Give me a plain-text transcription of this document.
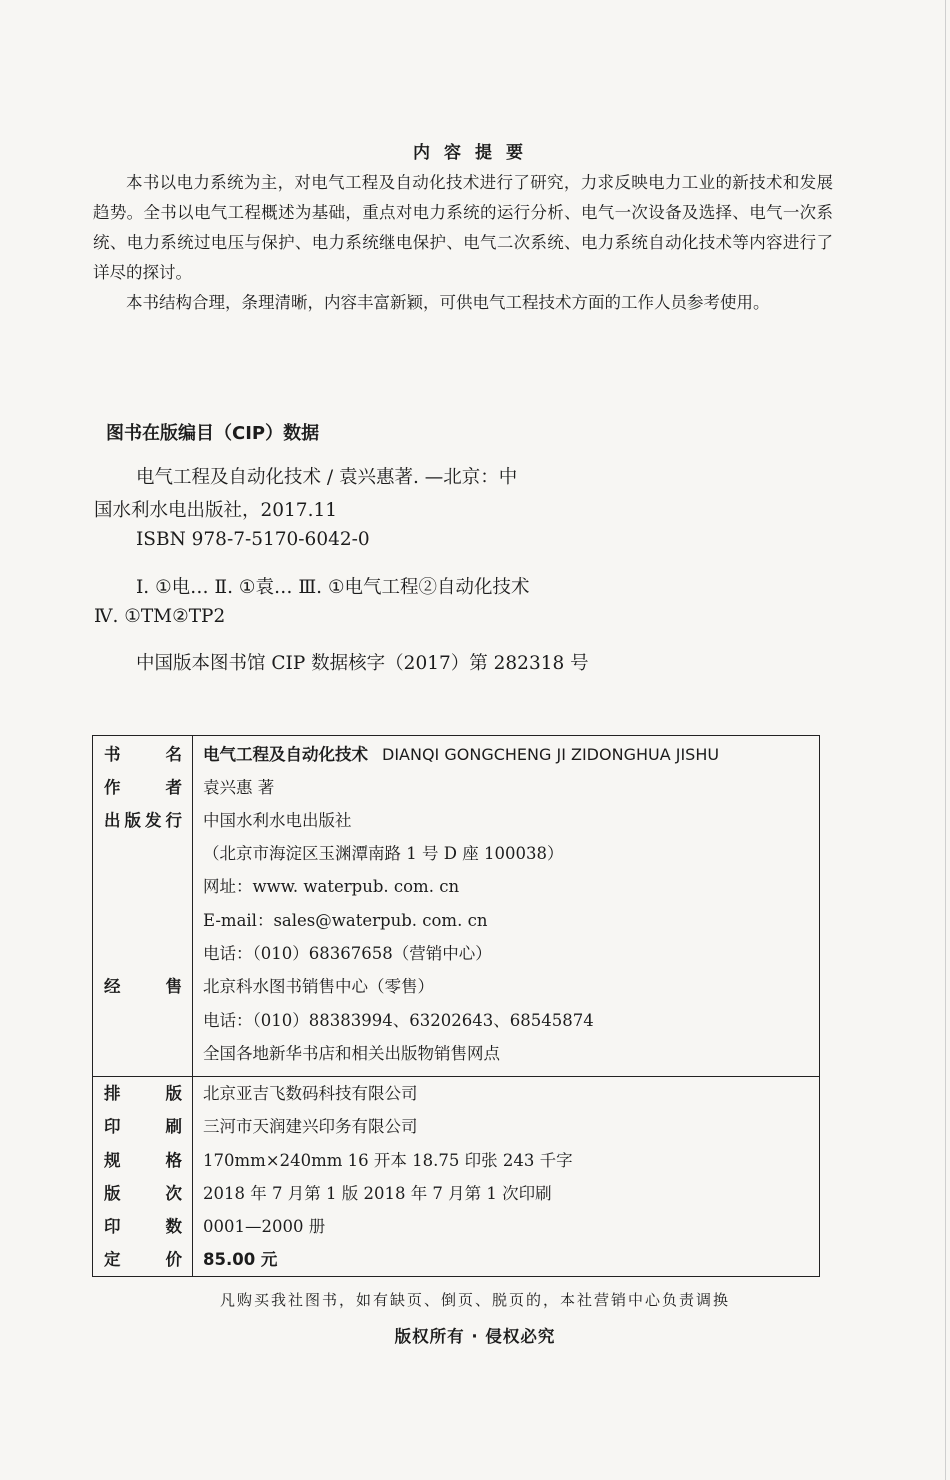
内容提要

本书以电力系统为主，对电气工程及自动化技术进行了研究，力求反映电力工业的新技术和发展趋势。全书以电气工程概述为基础，重点对电力系统的运行分析、电气一次设备及选择、电气一次系统、电力系统过电压与保护、电力系统继电保护、电气二次系统、电力系统自动化技术等内容进行了详尽的探讨。

本书结构合理，条理清晰，内容丰富新颖，可供电气工程技术方面的工作人员参考使用。

图书在版编目（CIP）数据
电气工程及自动化技术 / 袁兴惠著. —北京：中
国水利水电出版社，2017.11
ISBN 978-7-5170-6042-0
Ⅰ. ①电… Ⅱ. ①袁… Ⅲ. ①电气工程②自动化技术
Ⅳ. ①TM②TP2
中国版本图书馆 CIP 数据核字（2017）第 282318 号
书名 电气工程及自动化技术 DIANQI GONGCHENG JI ZIDONGHUA JISHU
作者 袁兴惠 著
出版发行 中国水利水电出版社
（北京市海淀区玉渊潭南路 1 号 D 座 100038）
网址：www. waterpub. com. cn
E-mail：sales@waterpub. com. cn
电话：（010）68367658（营销中心）
经售 北京科水图书销售中心（零售）
电话：（010）88383994、63202643、68545874
全国各地新华书店和相关出版物销售网点
排版 北京亚吉飞数码科技有限公司
印刷 三河市天润建兴印务有限公司
规格 170mm×240mm 16 开本 18.75 印张 243 千字
版次 2018 年 7 月第 1 版 2018 年 7 月第 1 次印刷
印数 0001—2000 册
定价 85.00 元
凡购买我社图书，如有缺页、倒页、脱页的，本社营销中心负责调换
版权所有 · 侵权必究
